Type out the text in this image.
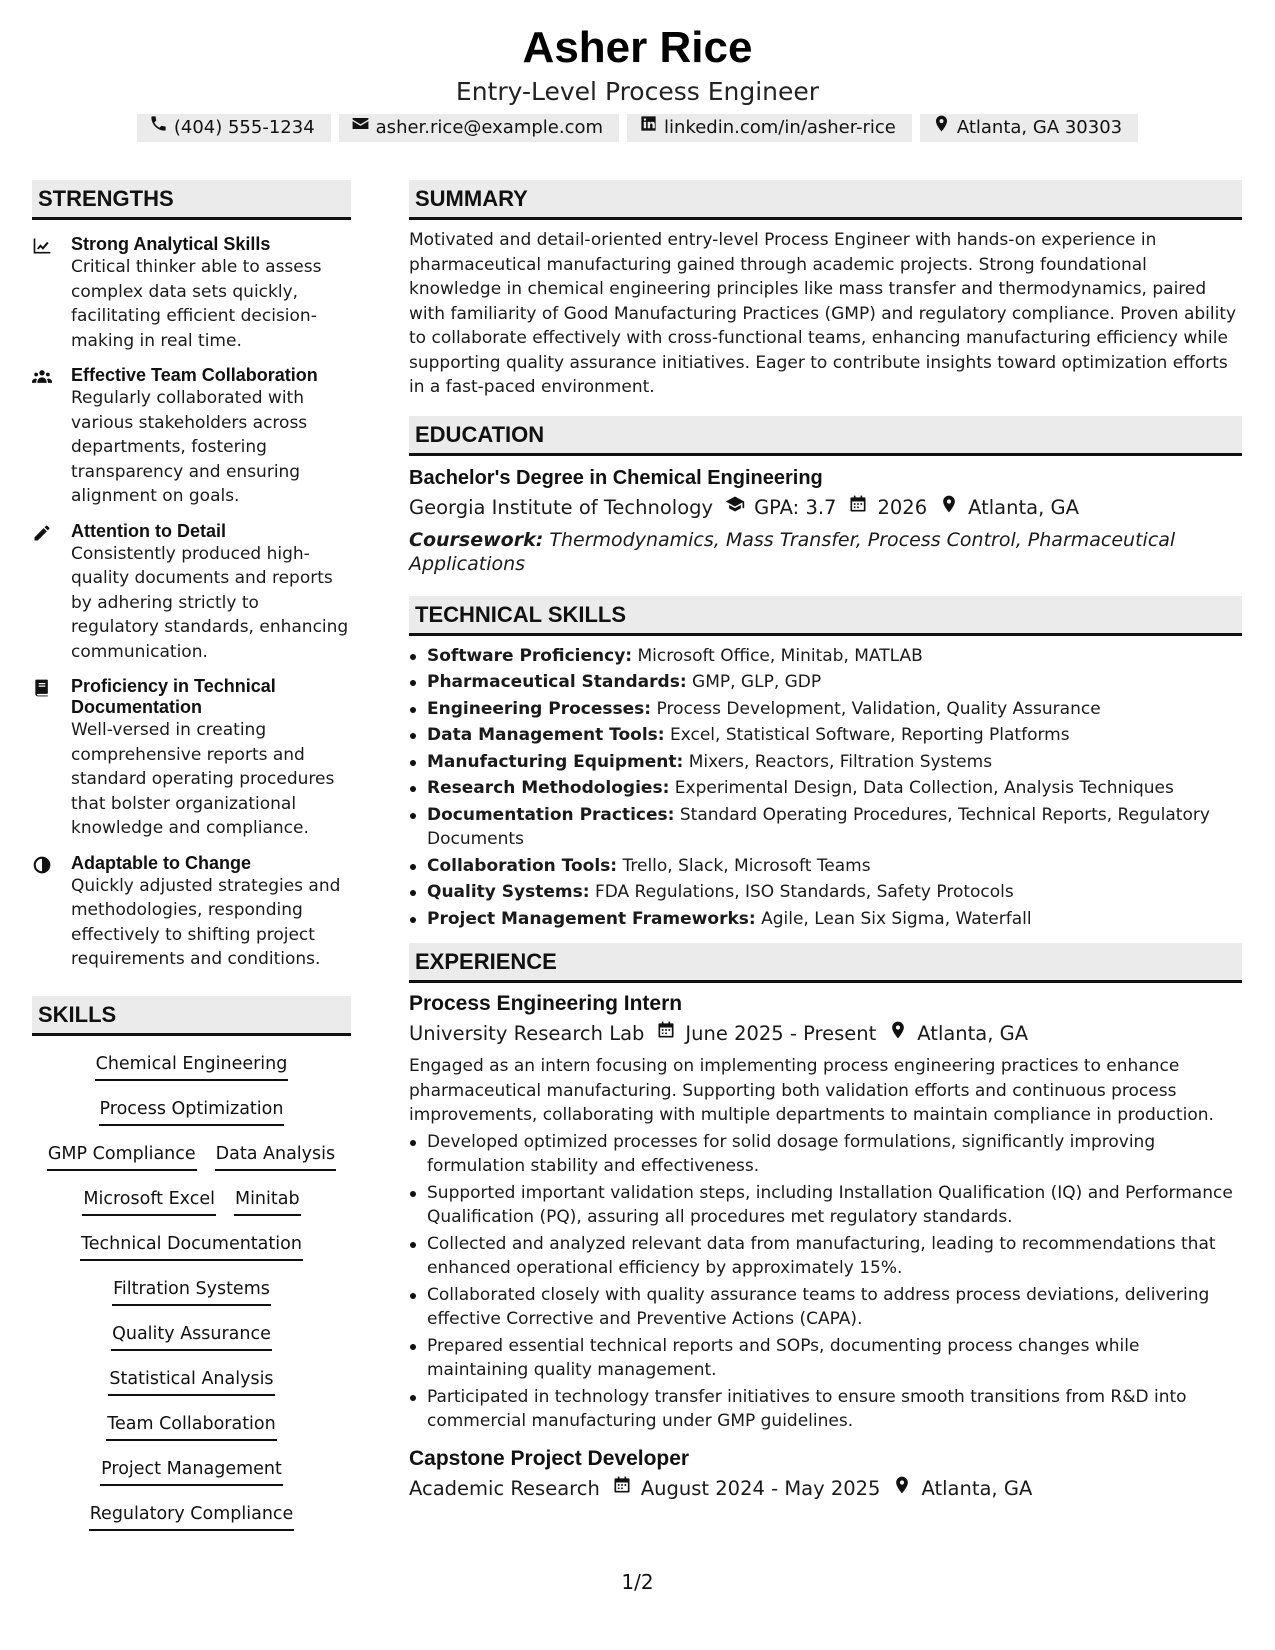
Asher Rice
Entry-Level Process Engineer
(404) 555-1234	asher.rice@example.com	linkedin.com/in/asher-rice	Atlanta, GA 30303
STRENGTHS
Strong Analytical Skills
Critical thinker able to assess complex data sets quickly, facilitating efficient decision-making in real time.
Effective Team Collaboration
Regularly collaborated with various stakeholders across departments, fostering transparency and ensuring alignment on goals.
Attention to Detail
Consistently produced high-quality documents and reports by adhering strictly to regulatory standards, enhancing communication.
Proficiency in Technical Documentation
Well-versed in creating comprehensive reports and standard operating procedures that bolster organizational knowledge and compliance.
Adaptable to Change
Quickly adjusted strategies and methodologies, responding effectively to shifting project requirements and conditions.
SKILLS
Chemical Engineering
Process Optimization
GMP Compliance Data Analysis
Microsoft Excel Minitab
Technical Documentation
Filtration Systems
Quality Assurance
Statistical Analysis
Team Collaboration
Project Management
Regulatory Compliance
SUMMARY
Motivated and detail-oriented entry-level Process Engineer with hands-on experience in pharmaceutical manufacturing gained through academic projects. Strong foundational knowledge in chemical engineering principles like mass transfer and thermodynamics, paired with familiarity of Good Manufacturing Practices (GMP) and regulatory compliance. Proven ability to collaborate effectively with cross-functional teams, enhancing manufacturing efficiency while supporting quality assurance initiatives. Eager to contribute insights toward optimization efforts in a fast-paced environment.
EDUCATION
Bachelor's Degree in Chemical Engineering
Georgia Institute of Technology GPA: 3.7 2026 Atlanta, GA
Coursework: Thermodynamics, Mass Transfer, Process Control, Pharmaceutical Applications
TECHNICAL SKILLS
Software Proficiency: Microsoft Office, Minitab, MATLAB
Pharmaceutical Standards: GMP, GLP, GDP
Engineering Processes: Process Development, Validation, Quality Assurance
Data Management Tools: Excel, Statistical Software, Reporting Platforms
Manufacturing Equipment: Mixers, Reactors, Filtration Systems
Research Methodologies: Experimental Design, Data Collection, Analysis Techniques
Documentation Practices: Standard Operating Procedures, Technical Reports, Regulatory Documents
Collaboration Tools: Trello, Slack, Microsoft Teams
Quality Systems: FDA Regulations, ISO Standards, Safety Protocols
Project Management Frameworks: Agile, Lean Six Sigma, Waterfall
EXPERIENCE
Process Engineering Intern
University Research Lab June 2025 - Present Atlanta, GA
Engaged as an intern focusing on implementing process engineering practices to enhance pharmaceutical manufacturing. Supporting both validation efforts and continuous process improvements, collaborating with multiple departments to maintain compliance in production.
Developed optimized processes for solid dosage formulations, significantly improving formulation stability and effectiveness.
Supported important validation steps, including Installation Qualification (IQ) and Performance Qualification (PQ), assuring all procedures met regulatory standards.
Collected and analyzed relevant data from manufacturing, leading to recommendations that enhanced operational efficiency by approximately 15%.
Collaborated closely with quality assurance teams to address process deviations, delivering effective Corrective and Preventive Actions (CAPA).
Prepared essential technical reports and SOPs, documenting process changes while maintaining quality management.
Participated in technology transfer initiatives to ensure smooth transitions from R&D into commercial manufacturing under GMP guidelines.
Capstone Project Developer
Academic Research August 2024 - May 2025 Atlanta, GA
1/2
